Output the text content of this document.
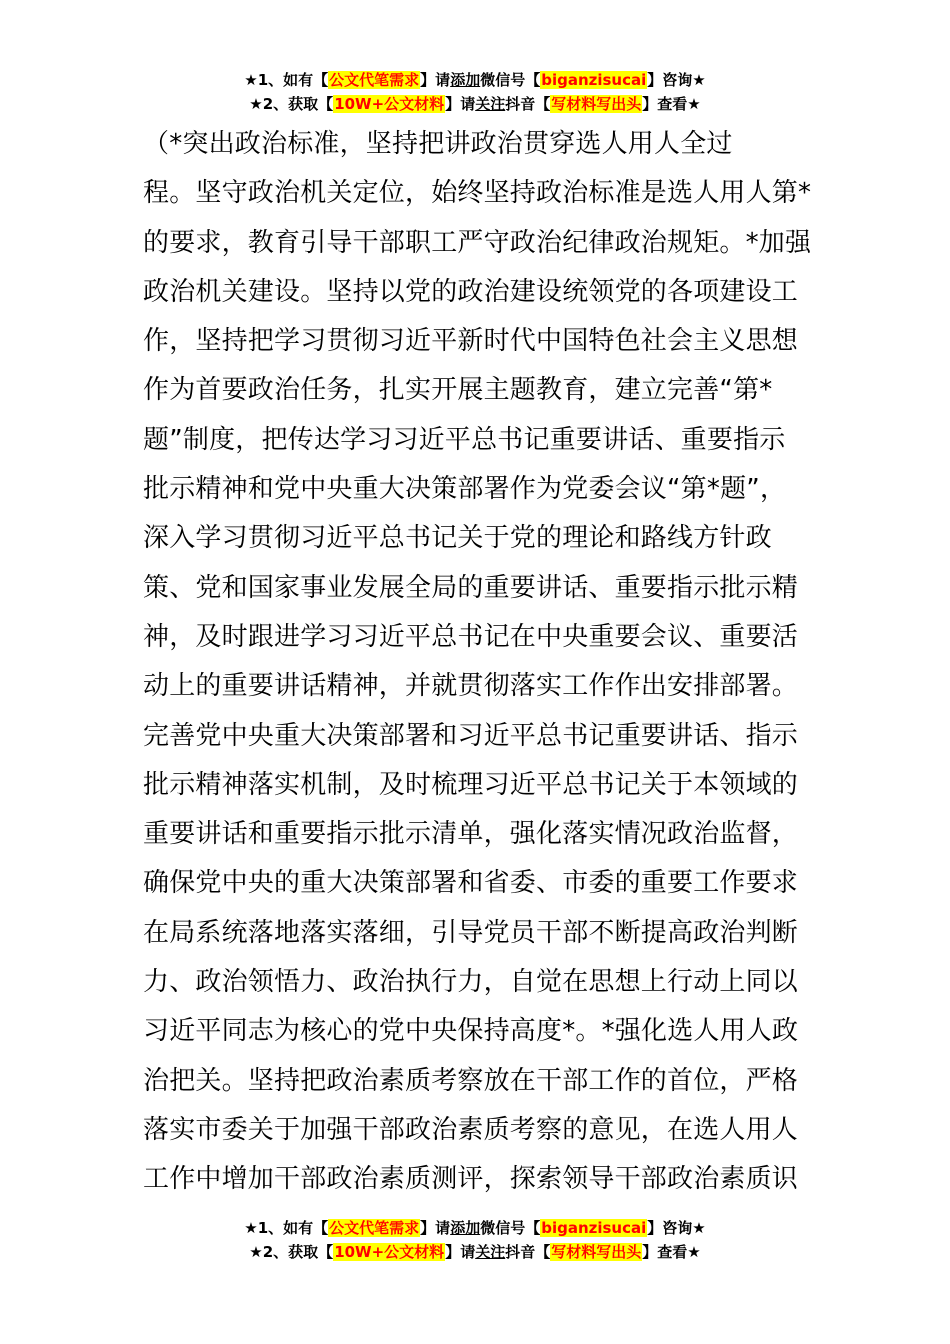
★1、如有【公文代笔需求】请添加微信号【biganzisucai】咨询★
★2、获取【10W+公文材料】请关注抖音【写材料写出头】查看★
（*突出政治标准，坚持把讲政治贯穿选人用人全过
程。坚守政治机关定位，始终坚持政治标准是选人用人第*
的要求，教育引导干部职工严守政治纪律政治规矩。*加强
政治机关建设。坚持以党的政治建设统领党的各项建设工
作，坚持把学习贯彻习近平新时代中国特色社会主义思想
作为首要政治任务，扎实开展主题教育，建立完善“第*
题”制度，把传达学习习近平总书记重要讲话、重要指示
批示精神和党中央重大决策部署作为党委会议“第*题”，
深入学习贯彻习近平总书记关于党的理论和路线方针政
策、党和国家事业发展全局的重要讲话、重要指示批示精
神，及时跟进学习习近平总书记在中央重要会议、重要活
动上的重要讲话精神，并就贯彻落实工作作出安排部署。
完善党中央重大决策部署和习近平总书记重要讲话、指示
批示精神落实机制，及时梳理习近平总书记关于本领域的
重要讲话和重要指示批示清单，强化落实情况政治监督，
确保党中央的重大决策部署和省委、市委的重要工作要求
在局系统落地落实落细，引导党员干部不断提高政治判断
力、政治领悟力、政治执行力，自觉在思想上行动上同以
习近平同志为核心的党中央保持高度*。*强化选人用人政
治把关。坚持把政治素质考察放在干部工作的首位，严格
落实市委关于加强干部政治素质考察的意见，在选人用人
工作中增加干部政治素质测评，探索领导干部政治素质识
★1、如有【公文代笔需求】请添加微信号【biganzisucai】咨询★
★2、获取【10W+公文材料】请关注抖音【写材料写出头】查看★
